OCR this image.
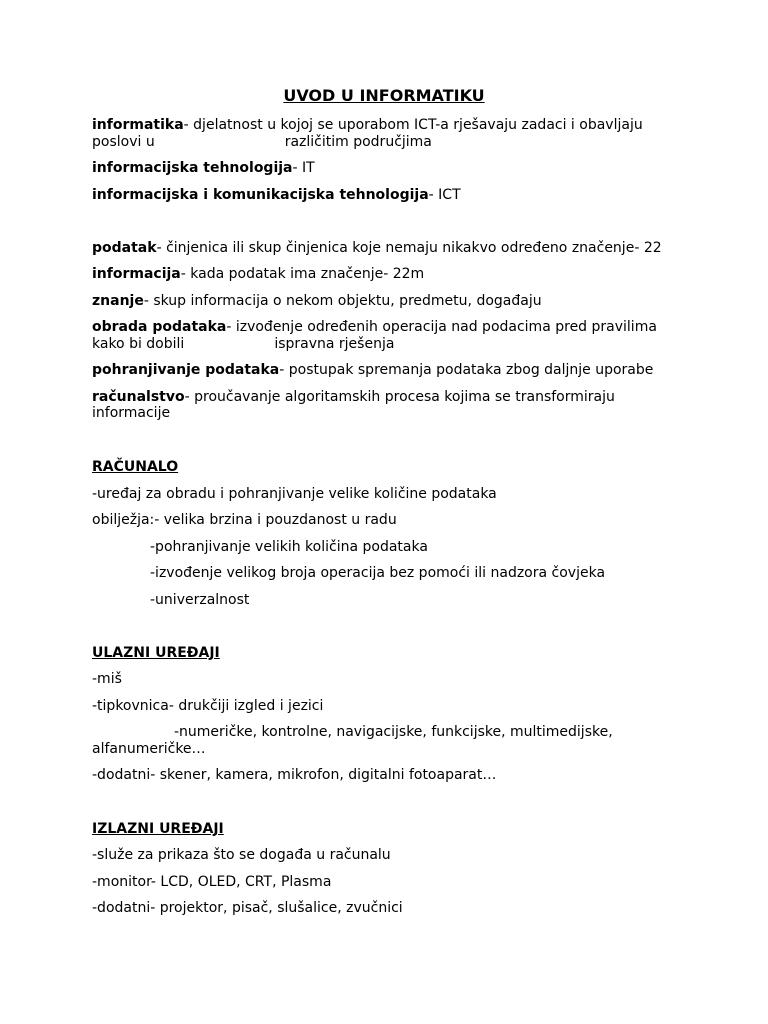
UVOD U INFORMATIKU
informatika- djelatnost u kojoj se uporabom ICT-a rješavaju zadaci i obavljaju
poslovi u	različitim područjima
informacijska tehnologija- IT
informacijska i komunikacijska tehnologija- ICT
podatak- činjenica ili skup činjenica koje nemaju nikakvo određeno značenje- 22
informacija- kada podatak ima značenje- 22m
znanje- skup informacija o nekom objektu, predmetu, događaju
obrada podataka- izvođenje određenih operacija nad podacima pred pravilima
kako bi dobili	ispravna rješenja
pohranjivanje podataka- postupak spremanja podataka zbog daljnje uporabe
računalstvo- proučavanje algoritamskih procesa kojima se transformiraju
informacije
RAČUNALO
-uređaj za obradu i pohranjivanje velike količine podataka
obilježja:- velika brzina i pouzdanost u radu
-pohranjivanje velikih količina podataka
-izvođenje velikog broja operacija bez pomoći ili nadzora čovjeka
-univerzalnost
ULAZNI UREĐAJI
-miš
-tipkovnica- drukčiji izgled i jezici
-numeričke, kontrolne, navigacijske, funkcijske, multimedijske,
alfanumeričke…
-dodatni- skener, kamera, mikrofon, digitalni fotoaparat…
IZLAZNI UREĐAJI
-služe za prikaza što se događa u računalu
-monitor- LCD, OLED, CRT, Plasma
-dodatni- projektor, pisač, slušalice, zvučnici
